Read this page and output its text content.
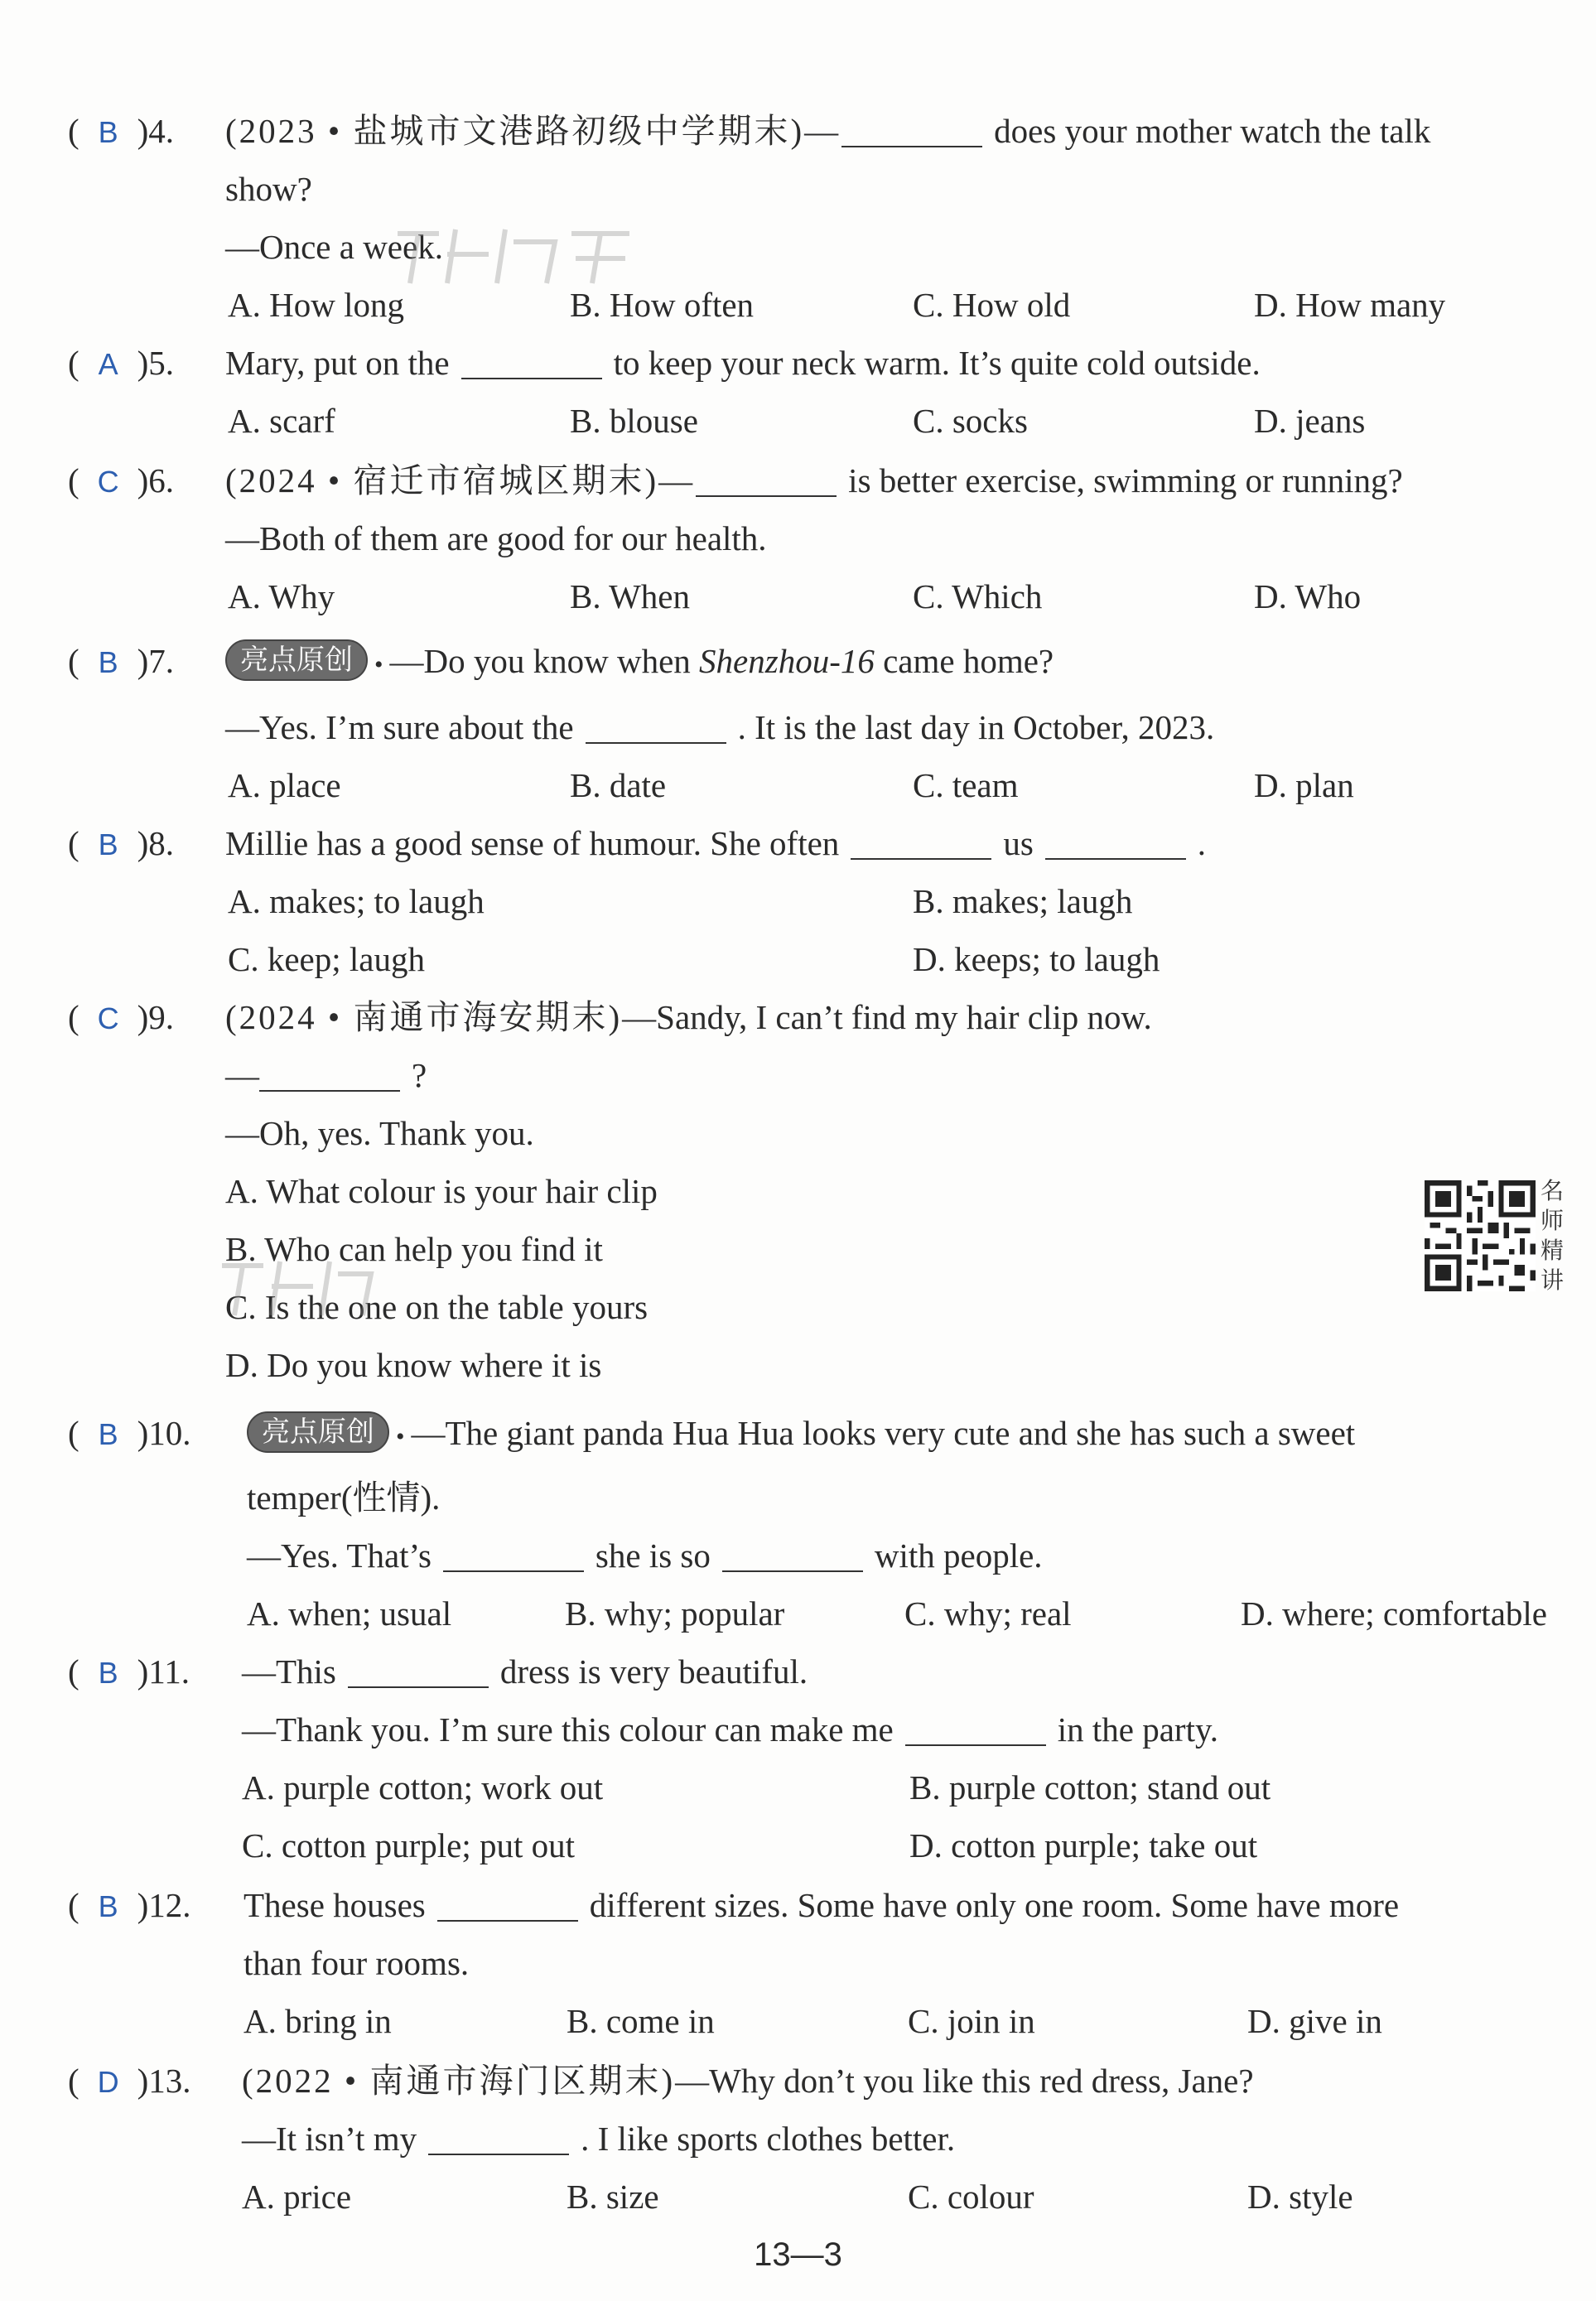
( B )4. (2023 • 盐城市文港路初级中学期末)—	does your mother watch the talk
show?
—Once a week.
A. How long	B. How often	C. How old	D. How many
( A )5. Mary, put on the	to keep your neck warm. It’s quite cold outside.
A. scarf	B. blouse	C. socks	D. jeans
( C )6. (2024 • 宿迁市宿城区期末)—	is better exercise, swimming or running?
—Both of them are good for our health.
A. Why	B. When	C. Which	D. Who
( B )7.	亮点原创 • —Do you know when Shenzhou-16 came home?
—Yes. I’m sure about the	. It is the last day in October, 2023.
A. place	B. date	C. team	D. plan
( B )8. Millie has a good sense of humour. She often	us	.
A. makes; to laugh	B. makes; laugh
C. keep; laugh	D. keeps; to laugh
( C )9. (2024 • 南通市海安期末)—Sandy, I can’t find my hair clip now.
—	?
—Oh, yes. Thank you.
A. What colour is your hair clip
B. Who can help you find it
C. Is the one on the table yours
D. Do you know where it is
名
师
精
讲
( B )10.	亮点原创 • —The giant panda Hua Hua looks very cute and she has such a sweet
temper(性情).
—Yes. That’s	she is so	with people.
A. when; usual	B. why; popular	C. why; real	D. where; comfortable
( B )11. —This	dress is very beautiful.
—Thank you. I’m sure this colour can make me	in the party.
A. purple cotton; work out	B. purple cotton; stand out
C. cotton purple; put out	D. cotton purple; take out
( B )12. These houses	different sizes. Some have only one room. Some have more
than four rooms.
A. bring in	B. come in	C. join in	D. give in
( D )13. (2022 • 南通市海门区期末)—Why don’t you like this red dress, Jane?
—It isn’t my	. I like sports clothes better.
A. price	B. size	C. colour	D. style
13—3
